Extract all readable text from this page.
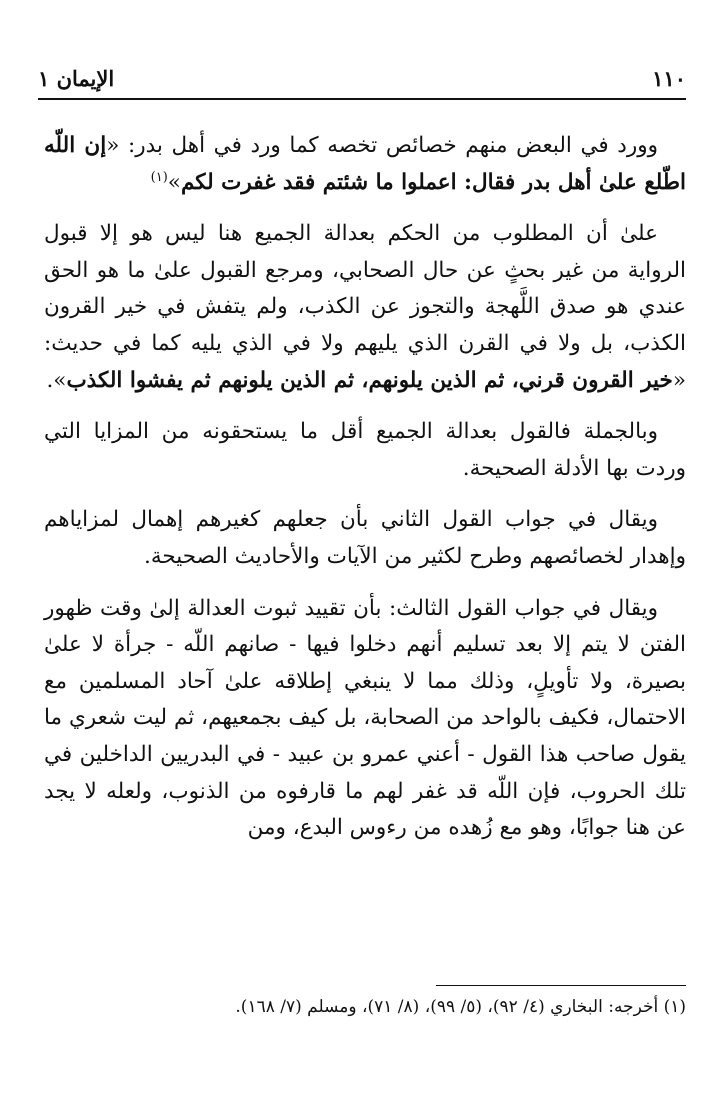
١١٠
الإيمان ١

وورد في البعض منهم خصائص تخصه كما ورد في أهل بدر: «إن اللّه اطّلع علىٰ أهل بدر فقال: اعملوا ما شئتم فقد غفرت لكم»$^{(١)}$

علىٰ أن المطلوب من الحكم بعدالة الجميع هنا ليس هو إلا قبول الرواية من غير بحثٍ عن حال الصحابي، ومرجع القبول علىٰ ما هو الحق عندي هو صدق اللَّهجة والتجوز عن الكذب، ولم يتفش في خير القرون الكذب، بل ولا في القرن الذي يليهم ولا في الذي يليه كما في حديث: «خير القرون قرني، ثم الذين يلونهم، ثم الذين يلونهم ثم يفشوا الكذب».

وبالجملة فالقول بعدالة الجميع أقل ما يستحقونه من المزايا التي وردت بها الأدلة الصحيحة.

ويقال في جواب القول الثاني بأن جعلهم كغيرهم إهمال لمزاياهم وإهدار لخصائصهم وطرح لكثير من الآيات والأحاديث الصحيحة.

ويقال في جواب القول الثالث: بأن تقييد ثبوت العدالة إلىٰ وقت ظهور الفتن لا يتم إلا بعد تسليم أنهم دخلوا فيها - صانهم اللّه - جرأة لا علىٰ بصيرة، ولا تأويلٍ، وذلك مما لا ينبغي إطلاقه علىٰ آحاد المسلمين مع الاحتمال، فكيف بالواحد من الصحابة، بل كيف بجمعيهم، ثم ليت شعري ما يقول صاحب هذا القول - أعني عمرو بن عبيد - في البدريين الداخلين في تلك الحروب، فإن اللّه قد غفر لهم ما قارفوه من الذنوب، ولعله لا يجد عن هنا جوابًا، وهو مع زُهده من رءوس البدع، ومن

(١) أخرجه: البخاري (٤/ ٩٢)، (٥/ ٩٩)، (٨/ ٧١)، ومسلم (٧/ ١٦٨).
